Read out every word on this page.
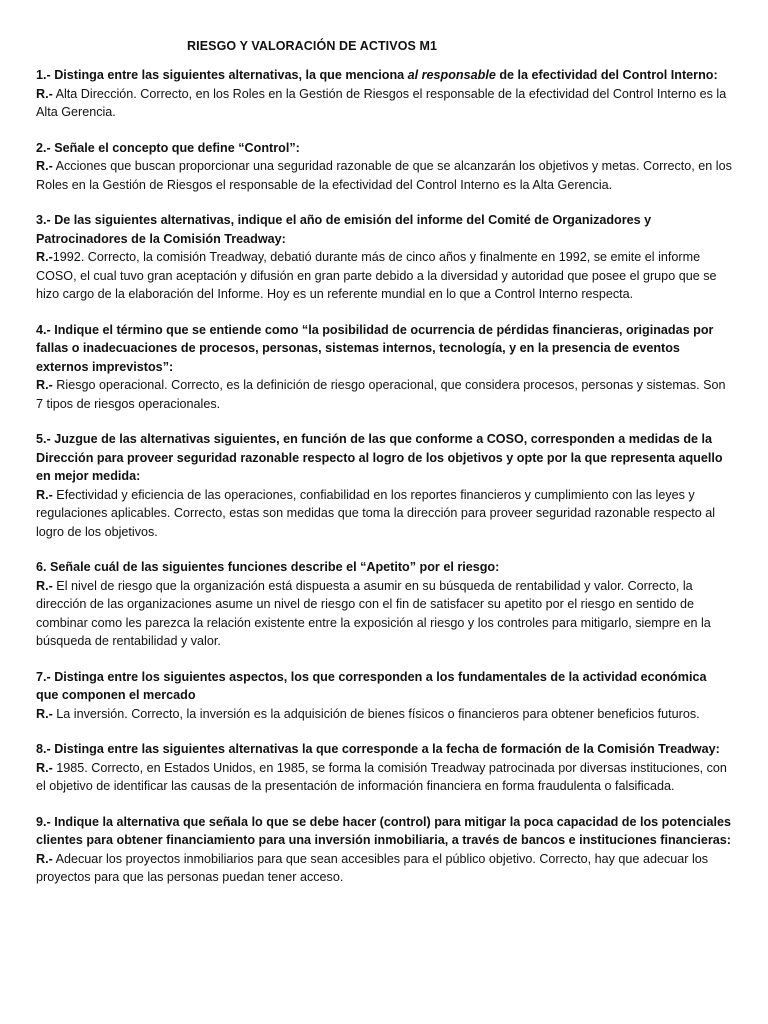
RIESGO Y VALORACIÓN DE ACTIVOS M1
1.- Distinga entre las siguientes alternativas, la que menciona al responsable de la efectividad del Control Interno:
R.- Alta Dirección. Correcto, en los Roles en la Gestión de Riesgos el responsable de la efectividad del Control Interno es la Alta Gerencia.
2.- Señale el concepto que define “Control”:
R.- Acciones que buscan proporcionar una seguridad razonable de que se alcanzarán los objetivos y metas. Correcto, en los Roles en la Gestión de Riesgos el responsable de la efectividad del Control Interno es la Alta Gerencia.
3.- De las siguientes alternativas, indique el año de emisión del informe del Comité de Organizadores y Patrocinadores de la Comisión Treadway:
R.-1992. Correcto, la comisión Treadway, debatió durante más de cinco años y finalmente en 1992, se emite el informe COSO, el cual tuvo gran aceptación y difusión en gran parte debido a la diversidad y autoridad que posee el grupo que se hizo cargo de la elaboración del Informe. Hoy es un referente mundial en lo que a Control Interno respecta.
4.- Indique el término que se entiende como “la posibilidad de ocurrencia de pérdidas financieras, originadas por fallas o inadecuaciones de procesos, personas, sistemas internos, tecnología, y en la presencia de eventos externos imprevistos”:
R.- Riesgo operacional. Correcto, es la definición de riesgo operacional, que considera procesos, personas y sistemas. Son 7 tipos de riesgos operacionales.
5.- Juzgue de las alternativas siguientes, en función de las que conforme a COSO, corresponden a medidas de la Dirección para proveer seguridad razonable respecto al logro de los objetivos y opte por la que representa aquello en mejor medida:
R.- Efectividad y eficiencia de las operaciones, confiabilidad en los reportes financieros y cumplimiento con las leyes y regulaciones aplicables. Correcto, estas son medidas que toma la dirección para proveer seguridad razonable respecto al logro de los objetivos.
6. Señale cuál de las siguientes funciones describe el “Apetito” por el riesgo:
R.- El nivel de riesgo que la organización está dispuesta a asumir en su búsqueda de rentabilidad y valor. Correcto, la dirección de las organizaciones asume un nivel de riesgo con el fin de satisfacer su apetito por el riesgo en sentido de combinar como les parezca la relación existente entre la exposición al riesgo y los controles para mitigarlo, siempre en la búsqueda de rentabilidad y valor.
7.- Distinga entre los siguientes aspectos, los que corresponden a los fundamentales de la actividad económica que componen el mercado
R.- La inversión. Correcto, la inversión es la adquisición de bienes físicos o financieros para obtener beneficios futuros.
8.- Distinga entre las siguientes alternativas la que corresponde a la fecha de formación de la Comisión Treadway:
R.- 1985. Correcto, en Estados Unidos, en 1985, se forma la comisión Treadway patrocinada por diversas instituciones, con el objetivo de identificar las causas de la presentación de información financiera en forma fraudulenta o falsificada.
9.- Indique la alternativa que señala lo que se debe hacer (control) para mitigar la poca capacidad de los potenciales clientes para obtener financiamiento para una inversión inmobiliaria, a través de bancos e instituciones financieras:
R.- Adecuar los proyectos inmobiliarios para que sean accesibles para el público objetivo. Correcto, hay que adecuar los proyectos para que las personas puedan tener acceso.
